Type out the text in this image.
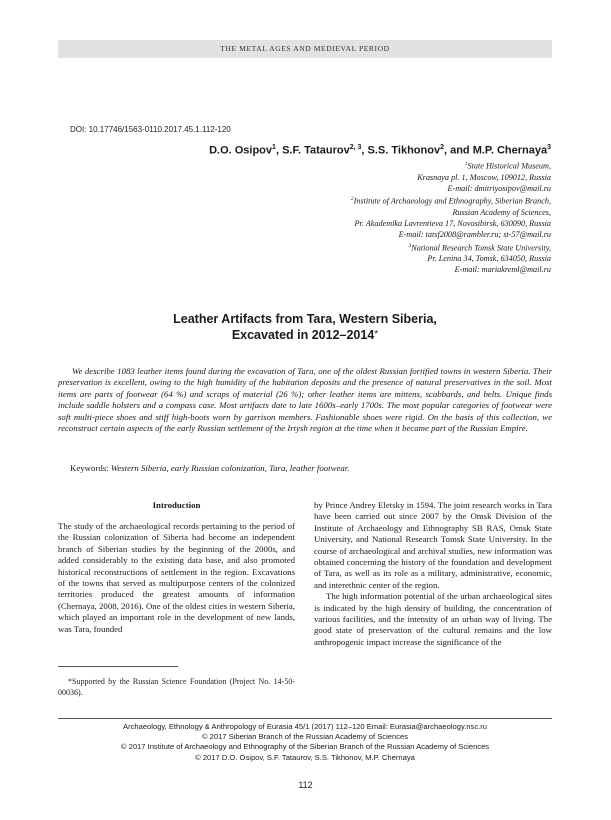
THE METAL AGES AND MEDIEVAL PERIOD
DOI: 10.17746/1563-0110.2017.45.1.112-120
D.O. Osipov$^1$, S.F. Tataurov$^{2, 3}$, S.S. Tikhonov$^2$, and M.P. Chernaya$^3$
$^1$State Historical Museum,
Krasnaya pl. 1, Moscow, 109012, Russia
E-mail: dmitriyosipov@mail.ru
$^2$Institute of Archaeology and Ethnography, Siberian Branch,
Russian Academy of Sciences,
Pr. Akademika Lavrentieva 17, Novosibirsk, 630090, Russia
E-mail: tatsf2008@rambler.ru; st-57@mail.ru
$^3$National Research Tomsk State University,
Pr. Lenina 34, Tomsk, 634050, Russia
E-mail: mariakreml@mail.ru
Leather Artifacts from Tara, Western Siberia,
Excavated in 2012–2014*

We describe 1083 leather items found during the excavation of Tara, one of the oldest Russian fortified towns in western Siberia. Their preservation is excellent, owing to the high humidity of the habitation deposits and the presence of natural preservatives in the soil. Most items are parts of footwear (64 %) and scraps of material (26 %); other leather items are mittens, scabbards, and belts. Unique finds include saddle holsters and a compass case. Most artifacts date to late 1600s–early 1700s. The most popular categories of footwear were soft multi-piece shoes and stiff high-boots worn by garrison members. Fashionable shoes were rigid. On the basis of this collection, we reconstruct certain aspects of the early Russian settlement of the Irtysh region at the time when it became part of the Russian Empire.

Keywords: Western Siberia, early Russian colonization, Tara, leather footwear.
Introduction

The study of the archaeological records pertaining to the period of the Russian colonization of Siberia had become an independent branch of Siberian studies by the beginning of the 2000s, and added considerably to the existing data base, and also promoted historical reconstructions of settlement in the region. Excavations of the towns that served as multipurpose centers of the colonized territories produced the greatest amounts of information (Chernaya, 2008, 2016). One of the oldest cities in western Siberia, which played an important role in the development of new lands, was Tara, founded

by Prince Andrey Eletsky in 1594. The joint research works in Tara have been carried out since 2007 by the Omsk Division of the Institute of Archaeology and Ethnography SB RAS, Omsk State University, and National Research Tomsk State University. In the course of archaeological and archival studies, new information was obtained concerning the history of the foundation and development of Tara, as well as its role as a military, administrative, economic, and interethnic center of the region.

The high information potential of the urban archaeological sites is indicated by the high density of building, the concentration of various facilities, and the intensity of an urban way of living. The good state of preservation of the cultural remains and the low anthropogenic impact increase the significance of the

*Supported by the Russian Science Foundation (Project No. 14-50-00036).
Archaeology, Ethnology & Anthropology of Eurasia 45/1 (2017) 112–120 Email: Eurasia@archaeology.nsc.ru
© 2017 Siberian Branch of the Russian Academy of Sciences
© 2017 Institute of Archaeology and Ethnography of the Siberian Branch of the Russian Academy of Sciences
© 2017 D.O. Osipov, S.F. Tataurov, S.S. Tikhonov, M.P. Chernaya
112
